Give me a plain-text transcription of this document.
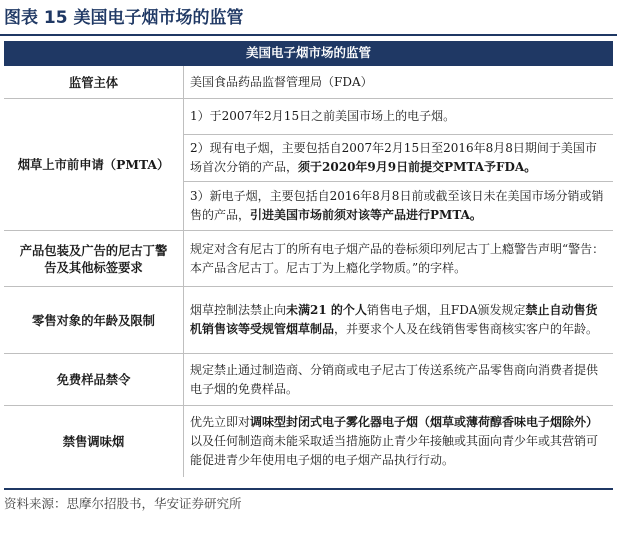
图表 15 美国电子烟市场的监管
美国电子烟市场的监管
监管主体	美国食品药品监督管理局（FDA）
烟草上市前申请（PMTA）
1）于2007年2月15日之前美国市场上的电子烟。
2）现有电子烟，主要包括自2007年2月15日至2016年8月8日期间于美国市场首次分销的产品，须于2020年9月9日前提交PMTA予FDA。
3）新电子烟，主要包括自2016年8月8日前或截至该日未在美国市场分销或销售的产品，引进美国市场前须对该等产品进行PMTA。
产品包装及广告的尼古丁警告及其他标签要求
规定对含有尼古丁的所有电子烟产品的卷标须印列尼古丁上瘾警告声明“警告：本产品含尼古丁。尼古丁为上瘾化学物质。”的字样。
零售对象的年龄及限制
烟草控制法禁止向未满21 的个人销售电子烟，且FDA颁发规定禁止自动售货机销售该等受规管烟草制品，并要求个人及在线销售零售商核实客户的年龄。
免费样品禁令
规定禁止通过制造商、分销商或电子尼古丁传送系统产品零售商向消费者提供电子烟的免费样品。
禁售调味烟
优先立即对调味型封闭式电子雾化器电子烟（烟草或薄荷醇香味电子烟除外）以及任何制造商未能采取适当措施防止青少年接触或其面向青少年或其营销可能促进青少年使用电子烟的电子烟产品执行行动。
资料来源：思摩尔招股书，华安证券研究所
